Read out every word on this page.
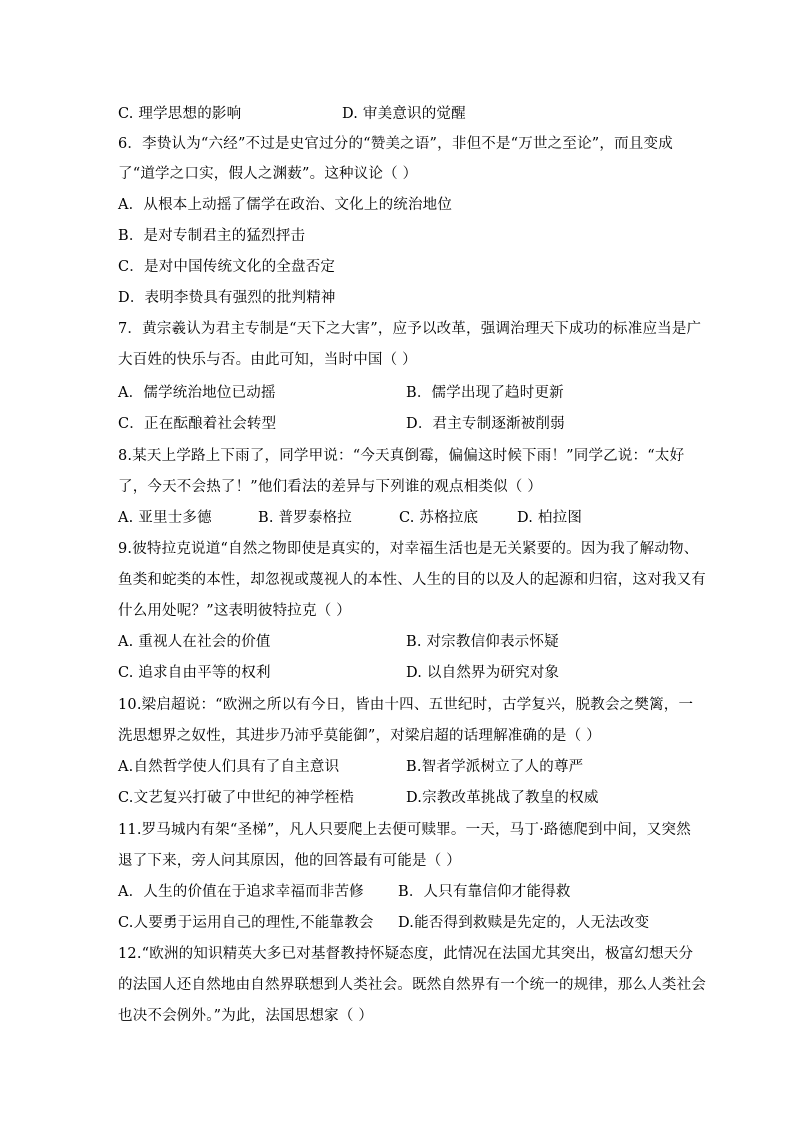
C. 理学思想的影响	D. 审美意识的觉醒
6．李贽认为“六经”不过是史官过分的“赞美之语”，非但不是“万世之至论”，而且变成
了“道学之口实，假人之渊薮”。这种议论（ ）
A．从根本上动摇了儒学在政治、文化上的统治地位
B．是对专制君主的猛烈抨击
C．是对中国传统文化的全盘否定
D．表明李贽具有强烈的批判精神
7．黄宗羲认为君主专制是“天下之大害”，应予以改革，强调治理天下成功的标准应当是广
大百姓的快乐与否。由此可知，当时中国（ ）
A．儒学统治地位已动摇	B．儒学出现了趋时更新
C．正在酝酿着社会转型	D．君主专制逐渐被削弱
8.某天上学路上下雨了，同学甲说：“今天真倒霉，偏偏这时候下雨！”同学乙说：“太好
了，今天不会热了！”他们看法的差异与下列谁的观点相类似（ ）
A. 亚里士多德	B. 普罗泰格拉	C. 苏格拉底	D. 柏拉图
9.彼特拉克说道“自然之物即使是真实的，对幸福生活也是无关紧要的。因为我了解动物、
鱼类和蛇类的本性，却忽视或蔑视人的本性、人生的目的以及人的起源和归宿，这对我又有
什么用处呢？”这表明彼特拉克（ ）
A. 重视人在社会的价值	B. 对宗教信仰表示怀疑
C. 追求自由平等的权利	D. 以自然界为研究对象
10.梁启超说：“欧洲之所以有今日，皆由十四、五世纪时，古学复兴，脱教会之樊篱，一
洗思想界之奴性，其进步乃沛乎莫能御”，对梁启超的话理解准确的是（ ）
A.自然哲学使人们具有了自主意识	B.智者学派树立了人的尊严
C.文艺复兴打破了中世纪的神学桎梏	D.宗教改革挑战了教皇的权威
11.罗马城内有架“圣梯”，凡人只要爬上去便可赎罪。一天，马丁·路德爬到中间，又突然
退了下来，旁人问其原因，他的回答最有可能是（ ）
A．人生的价值在于追求幸福而非苦修 B．人只有靠信仰才能得救
C.人要勇于运用自己的理性,不能靠教会 D.能否得到救赎是先定的，人无法改变
12.“欧洲的知识精英大多已对基督教持怀疑态度，此情况在法国尤其突出，极富幻想天分
的法国人还自然地由自然界联想到人类社会。既然自然界有一个统一的规律，那么人类社会
也决不会例外。”为此，法国思想家（ ）
